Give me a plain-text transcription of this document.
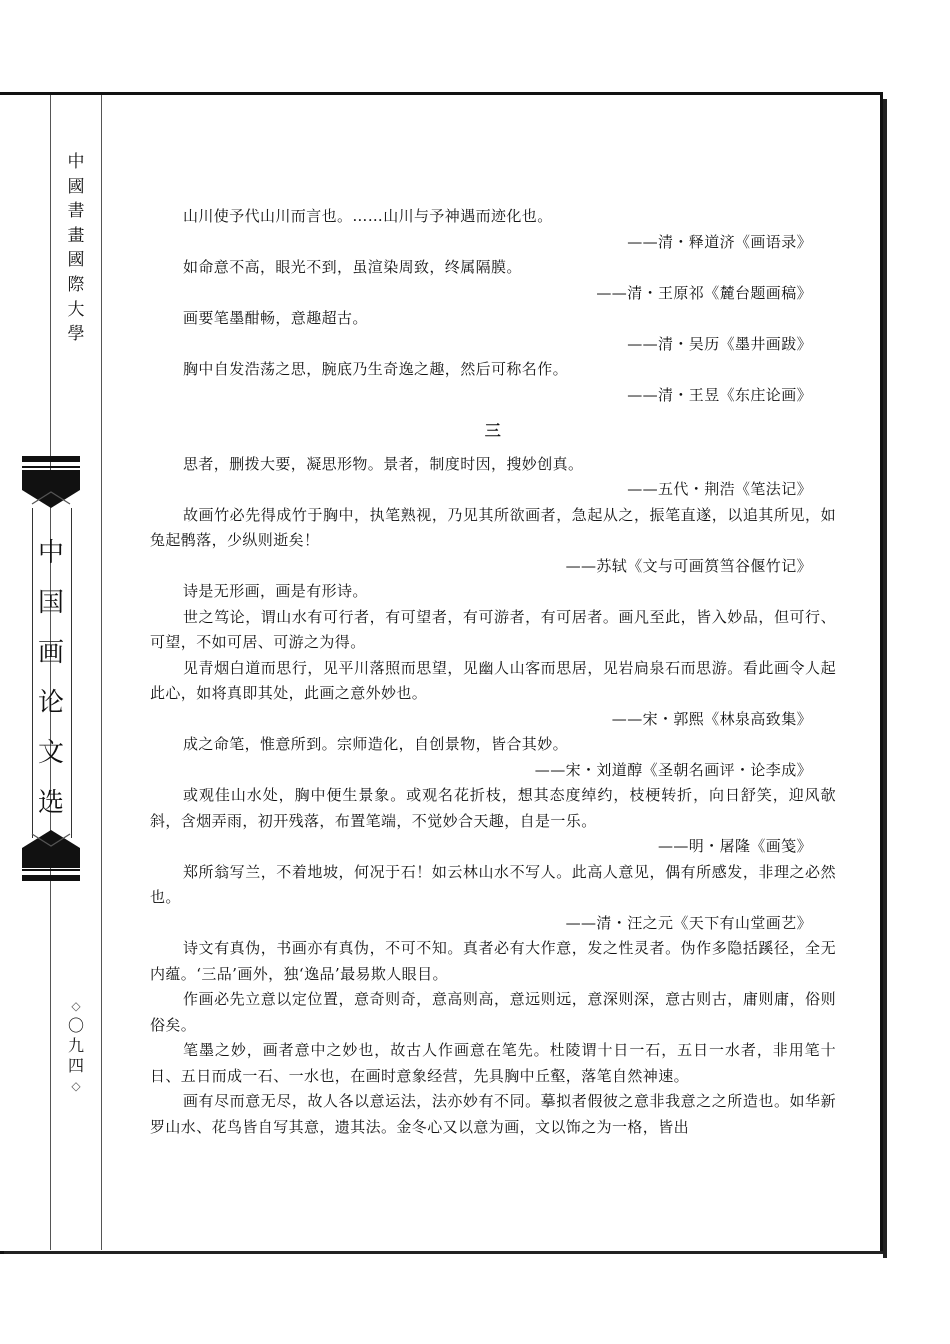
中
國
書
畫
國
際
大
學
中
国
画
论
文
选
◇
〇
九
四
◇

山川使予代山川而言也。……山川与予神遇而迹化也。

——清・释道济《画语录》

如命意不高，眼光不到，虽渲染周致，终属隔膜。

——清・王原祁《麓台题画稿》

画要笔墨酣畅，意趣超古。

——清・吴历《墨井画跋》

胸中自发浩荡之思，腕底乃生奇逸之趣，然后可称名作。

——清・王昱《东庄论画》

三

思者，删拨大要，凝思形物。景者，制度时因，搜妙创真。

——五代・荆浩《笔法记》

故画竹必先得成竹于胸中，执笔熟视，乃见其所欲画者，急起从之，振笔直遂，以追其所见，如兔起鹘落，少纵则逝矣！

——苏轼《文与可画筼筜谷偃竹记》

诗是无形画，画是有形诗。

世之笃论，谓山水有可行者，有可望者，有可游者，有可居者。画凡至此，皆入妙品，但可行、可望，不如可居、可游之为得。

见青烟白道而思行，见平川落照而思望，见幽人山客而思居，见岩扃泉石而思游。看此画令人起此心，如将真即其处，此画之意外妙也。

——宋・郭熙《林泉高致集》

成之命笔，惟意所到。宗师造化，自创景物，皆合其妙。

——宋・刘道醇《圣朝名画评・论李成》

或观佳山水处，胸中便生景象。或观名花折枝，想其态度绰约，枝梗转折，向日舒笑，迎风欹斜，含烟弄雨，初开残落，布置笔端，不觉妙合天趣，自是一乐。

——明・屠隆《画笺》

郑所翁写兰，不着地坡，何况于石！如云林山水不写人。此高人意见，偶有所感发，非理之必然也。

——清・汪之元《天下有山堂画艺》

诗文有真伪，书画亦有真伪，不可不知。真者必有大作意，发之性灵者。伪作多隐括蹊径，全无内蕴。‘三品’画外，独‘逸品’最易欺人眼目。

作画必先立意以定位置，意奇则奇，意高则高，意远则远，意深则深，意古则古，庸则庸，俗则俗矣。

笔墨之妙，画者意中之妙也，故古人作画意在笔先。杜陵谓十日一石，五日一水者，非用笔十日、五日而成一石、一水也，在画时意象经营，先具胸中丘壑，落笔自然神速。

画有尽而意无尽，故人各以意运法，法亦妙有不同。摹拟者假彼之意非我意之之所造也。如华新罗山水、花鸟皆自写其意，遗其法。金冬心又以意为画，文以饰之为一格，皆出
